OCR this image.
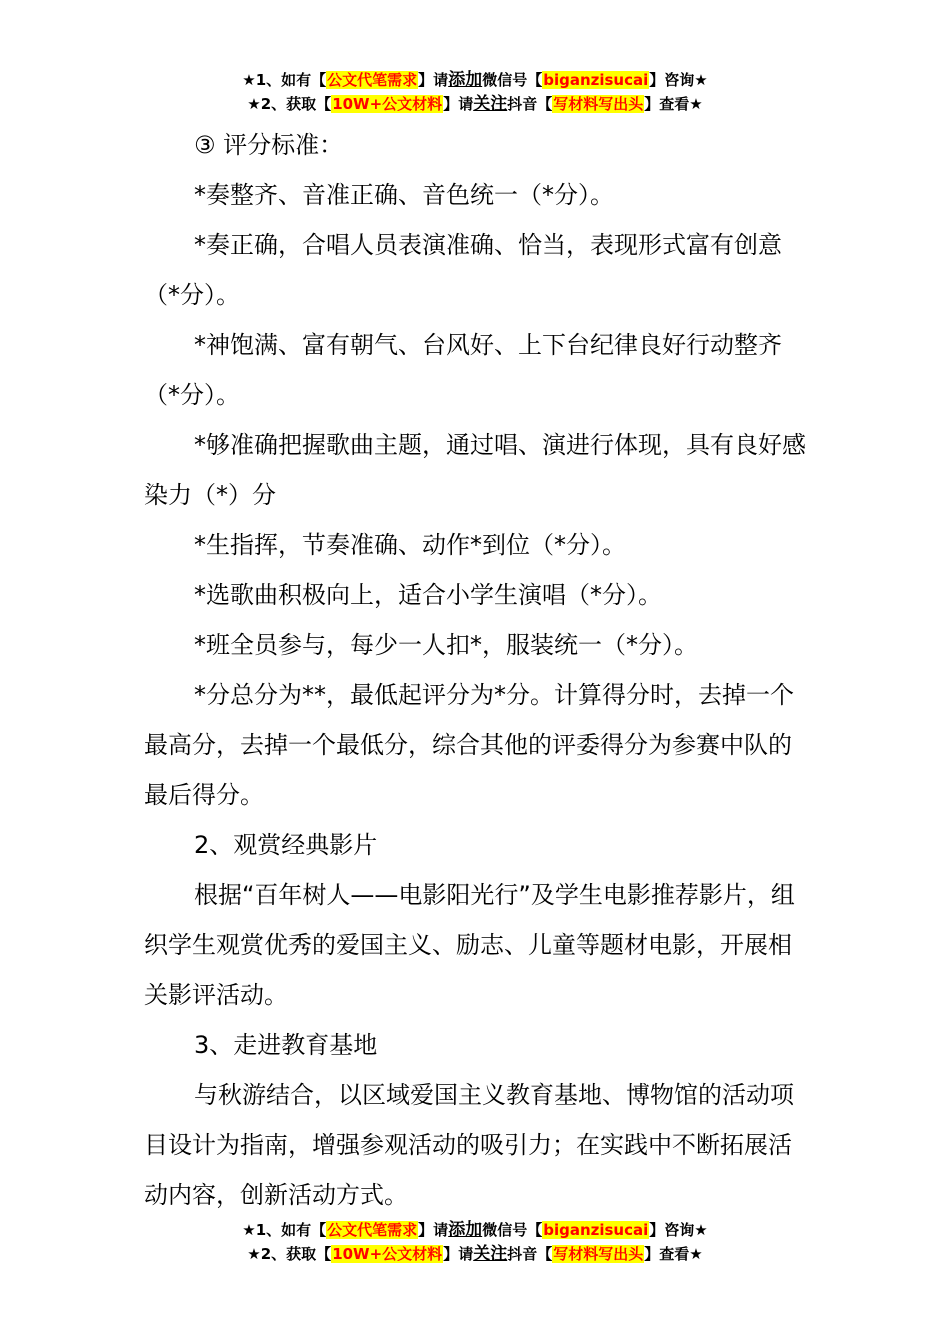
★1、如有【公文代笔需求】请添加微信号【biganzisucai】咨询★
★2、获取【10W+公文材料】请关注抖音【写材料写出头】查看★

③ 评分标准：

*奏整齐、音准正确、音色统一（*分）。

*奏正确，合唱人员表演准确、恰当，表现形式富有创意（*分）。

*神饱满、富有朝气、台风好、上下台纪律良好行动整齐（*分）。

*够准确把握歌曲主题，通过唱、演进行体现，具有良好感染力（*）分

*生指挥，节奏准确、动作*到位（*分）。

*选歌曲积极向上，适合小学生演唱（*分）。

*班全员参与，每少一人扣*，服装统一（*分）。

*分总分为**，最低起评分为*分。计算得分时，去掉一个最高分，去掉一个最低分，综合其他的评委得分为参赛中队的最后得分。

2、观赏经典影片

根据“百年树人——电影阳光行”及学生电影推荐影片，组织学生观赏优秀的爱国主义、励志、儿童等题材电影，开展相关影评活动。

3、走进教育基地

与秋游结合，以区域爱国主义教育基地、博物馆的活动项目设计为指南，增强参观活动的吸引力；在实践中不断拓展活动内容，创新活动方式。

★1、如有【公文代笔需求】请添加微信号【biganzisucai】咨询★
★2、获取【10W+公文材料】请关注抖音【写材料写出头】查看★
